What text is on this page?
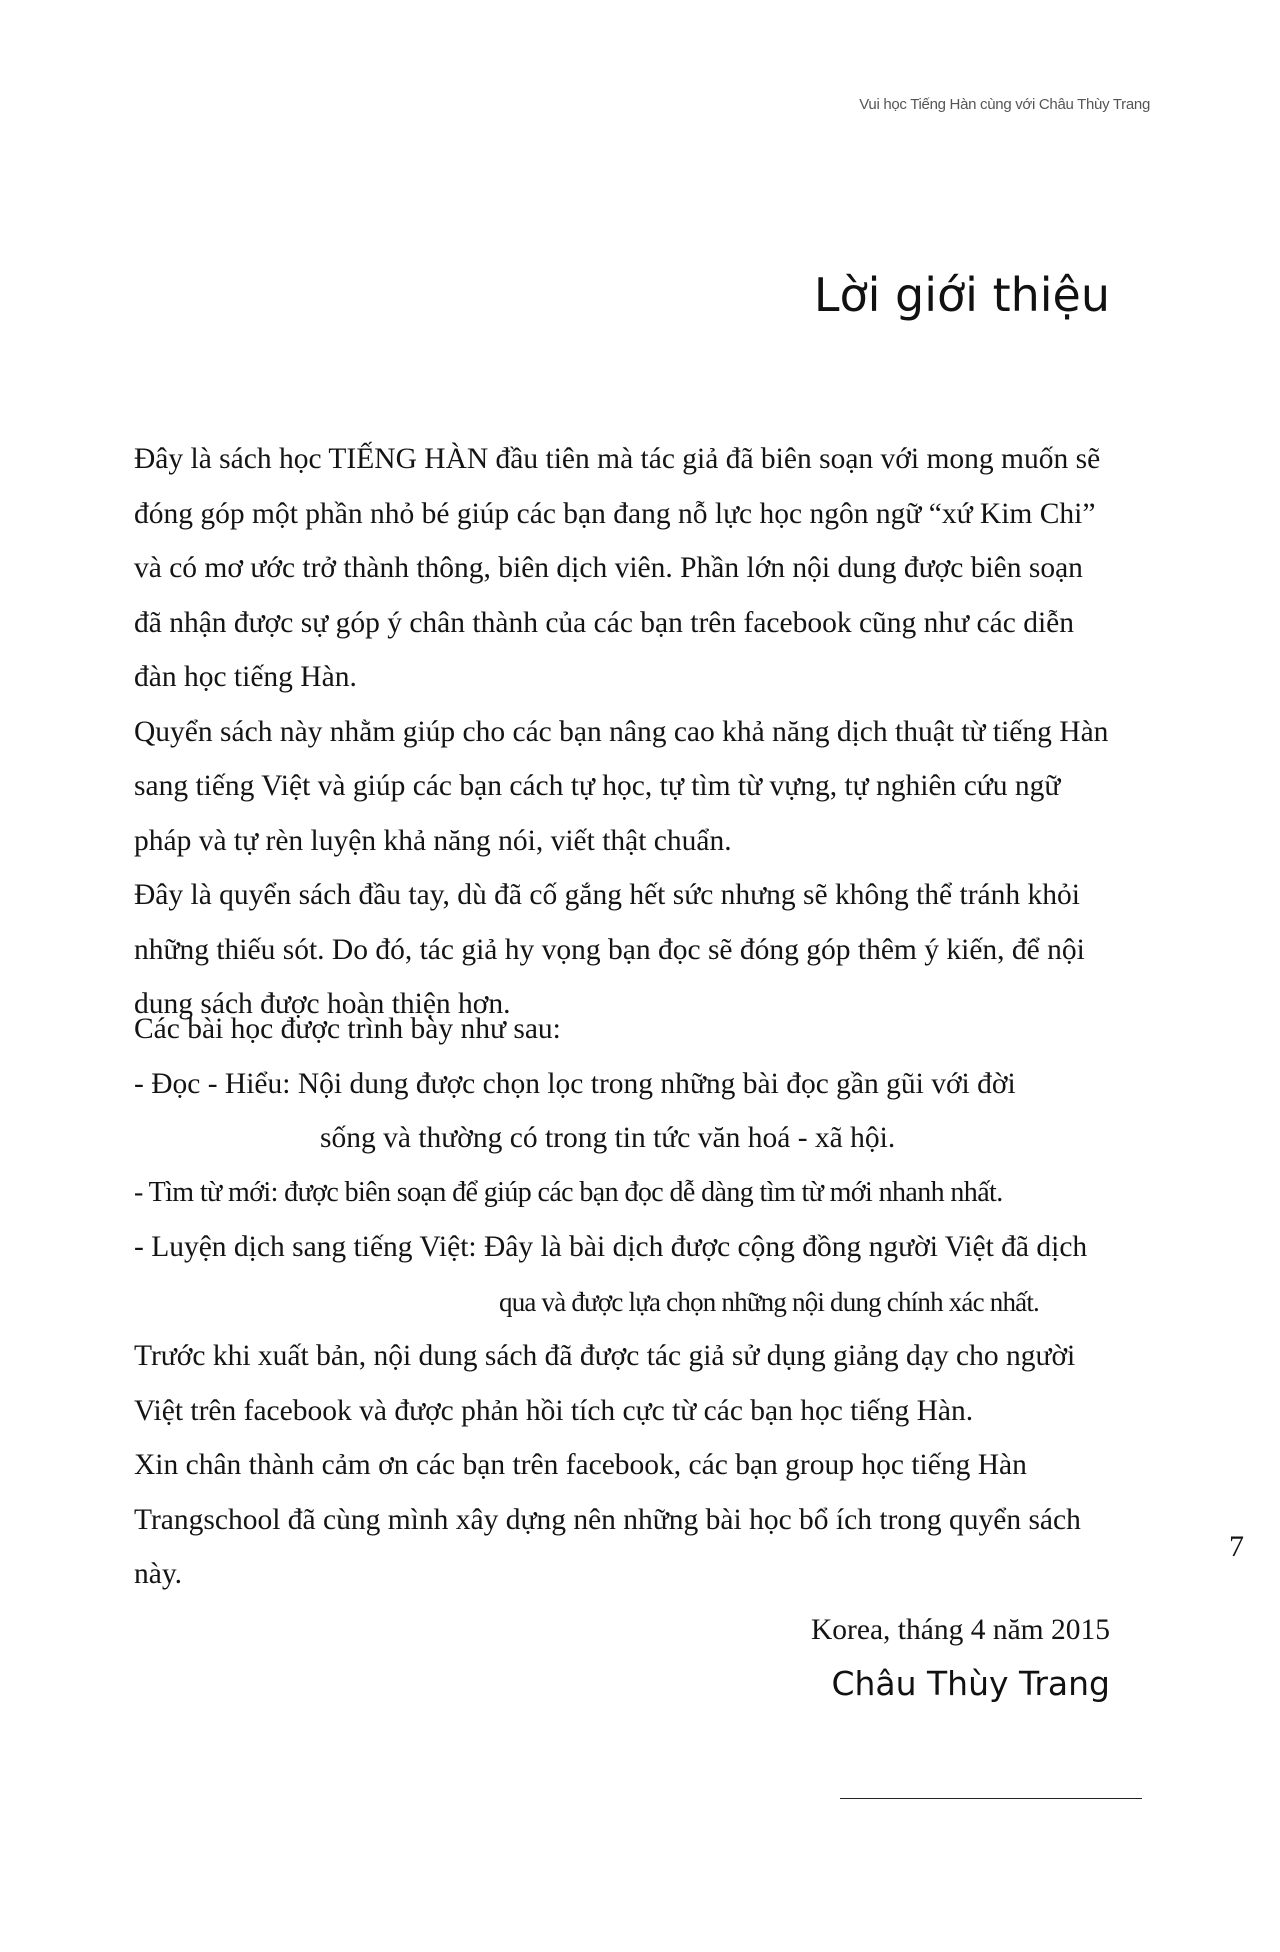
Vui học Tiếng Hàn cùng với Châu Thùy Trang
Lời giới thiệu

Đây là sách học TIẾNG HÀN đầu tiên mà tác giả đã biên soạn với mong muốn sẽ đóng góp một phần nhỏ bé giúp các bạn đang nỗ lực học ngôn ngữ “xứ Kim Chi” và có mơ ước trở thành thông, biên dịch viên. Phần lớn nội dung được biên soạn đã nhận được sự góp ý chân thành của các bạn trên facebook cũng như các diễn đàn học tiếng Hàn.

Quyển sách này nhằm giúp cho các bạn nâng cao khả năng dịch thuật từ tiếng Hàn sang tiếng Việt và giúp các bạn cách tự học, tự tìm từ vựng, tự nghiên cứu ngữ pháp và tự rèn luyện khả năng nói, viết thật chuẩn.

Đây là quyển sách đầu tay, dù đã cố gắng hết sức nhưng sẽ không thể tránh khỏi những thiếu sót. Do đó, tác giả hy vọng bạn đọc sẽ đóng góp thêm ý kiến, để nội dung sách được hoàn thiện hơn.

Các bài học được trình bày như sau:

- Đọc - Hiểu: Nội dung được chọn lọc trong những bài đọc gần gũi với đời

sống và thường có trong tin tức văn hoá - xã hội.

- Tìm từ mới: được biên soạn để giúp các bạn đọc dễ dàng tìm từ mới nhanh nhất.

- Luyện dịch sang tiếng Việt: Đây là bài dịch được cộng đồng người Việt đã dịch

qua và được lựa chọn những nội dung chính xác nhất.

Trước khi xuất bản, nội dung sách đã được tác giả sử dụng giảng dạy cho người Việt trên facebook và được phản hồi tích cực từ các bạn học tiếng Hàn.

Xin chân thành cảm ơn các bạn trên facebook, các bạn group học tiếng Hàn Trangschool đã cùng mình xây dựng nên những bài học bổ ích trong quyển sách này.

7
Korea, tháng 4 năm 2015
Châu Thùy Trang
